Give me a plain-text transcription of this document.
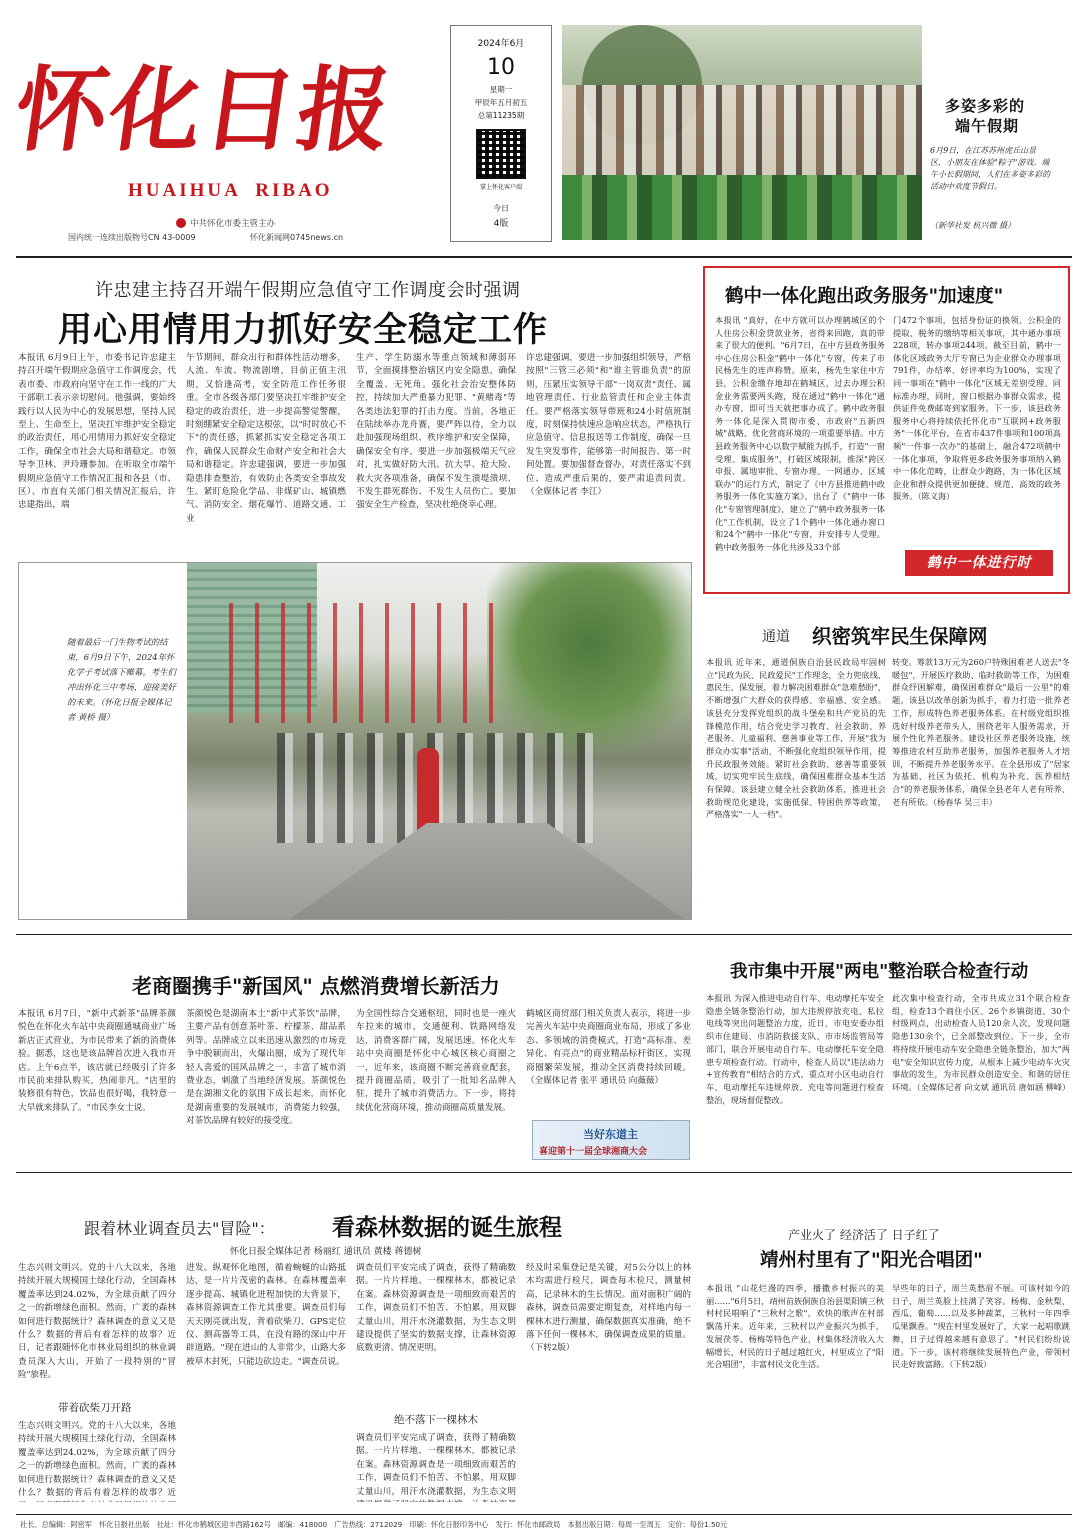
怀化日报
HUAIHUA  RIBAO
中共怀化市委主管主办
国内统一连续出版物号CN 43-0009	怀化新闻网0745news.cn
2024年6月
10
星期一
甲辰年五月初五
总第11235期
掌上怀化客户端
今日
4版
多姿多彩的
端午假期
6月9日，在江苏苏州虎丘山景区，小朋友在体验"粽子"游戏。端午小长假期间，人们在多姿多彩的活动中欢度节假日。
（新华社发 杭兴微 摄）
许忠建主持召开端午假期应急值守工作调度会时强调
用心用情用力抓好安全稳定工作
本报讯 6月9日上午，市委书记许忠建主持召开端午假期应急值守工作调度会，代表市委、市政府向坚守在工作一线的广大干部职工表示亲切慰问。他强调，要始终践行以人民为中心的发展思想，坚持人民至上、生命至上，坚决扛牢维护安全稳定的政治责任，用心用情用力抓好安全稳定工作，确保全市社会大局和谐稳定。市领导李卫林、尹玲珊参加。在听取全市端午假期应急值守工作情况汇报和各县（市、区）、市直有关部门相关情况汇报后，许忠建指出，端
午节期间，群众出行和群体性活动增多，人流、车流、物流剧增，目前正值主汛期，又恰逢高考，安全防范工作任务很重。全市各级各部门要坚决扛牢维护安全稳定的政治责任，进一步提高警觉警醒，时刻绷紧安全稳定这根弦，以"时时放心不下"的责任感，抓紧抓实安全稳定各项工作，确保人民群众生命财产安全和社会大局和谐稳定。许忠建强调，要进一步加强隐患排查整治，有效防止各类安全事故发生。紧盯危险化学品、非煤矿山、城镇燃气、消防安全、烟花爆竹、道路交通、工业
生产、学生防溺水等重点领域和薄弱环节，全面摸排整治辖区内安全隐患，确保全覆盖、无死角。强化社会治安整体防控，持续加大严重暴力犯罪、"黄赌毒"等各类违法犯罪的打击力度。当前，各地正在陆续举办龙舟赛，要严阵以待，全力以赴加强现场组织、秩序维护和安全保障，确保安全有序。要进一步加强极端天气应对，扎实做好防大汛、抗大旱、抢大险、救大灾各项准备，确保不发生溃堤溃坝、不发生群死群伤、不发生人员伤亡。要加强安全生产检查，坚决杜绝侥幸心理。
许忠建强调，要进一步加强组织领导，严格按照"三管三必须"和"谁主管谁负责"的原则，压紧压实领导干部"一岗双责"责任、属地管理责任、行业监管责任和企业主体责任。要严格落实领导带班和24小时值班制度，时刻保持快速应急响应状态，严格执行应急值守、信息报送等工作制度，确保一旦发生突发事件，能够第一时间报告、第一时间处置。要加强督查督办，对责任落实不到位、造成严重后果的，要严肃追责问责。（全媒体记者 李江）
鹤中一体化跑出政务服务"加速度"
本报讯 "真好，在中方就可以办理鹤城区的个人住房公积金贷款业务，省得来回跑，真的带来了很大的便利。"6月7日，在中方县政务服务中心住房公积金"鹤中一体化"专窗，传来了市民杨先生的连声称赞。原来，杨先生家住中方县，公积金缴存地却在鹤城区，过去办理公积金业务需要两头跑，现在通过"鹤中一体化"通办专窗，即可当天就把事办成了。鹤中政务服务一体化是深入贯彻市委、市政府"五新四城"战略、优化营商环境的一项重要举措。中方县政务服务中心以数字赋能为抓手，打造"一窗受理、集成服务"，打破区域限制，推深"跨区申报、属地审批、专窗办理、一网通办、区域联办"的运行方式，制定了《中方县推进鹤中政务服务一体化实施方案》，出台了《"鹤中一体化"专窗管理制度》，建立了"鹤中政务服务一体化"工作机制，设立了1个鹤中一体化通办窗口和24个"鹤中一体化"专窗，并安排专人受理。鹤中政务服务一体化共涉及33个部
门472个事项，包括身份证的换领、公积金的提取、税务的缴纳等相关事项，其中通办事项228项，转办事项244项。截至目前，鹤中一体化区域政务大厅专窗已为企业群众办理事项791件，办结率、好评率均为100%，实现了同一事项在"鹤中一体化"区域无差别受理、同标准办理，同时，窗口根据办事群众需求，提供证件免费邮寄到家服务。下一步，该县政务服务中心将持续依托怀化市"互联网+政务服务"一体化平台，在省市437件事项和100项高频"一件事一次办"的基础上，融合472项鹤中一体化事项，争取将更多政务服务事项纳入鹤中一体化范畴，让群众少跑路，为一体化区域企业和群众提供更加便捷、规范、高效的政务服务。（陈义海）
鹤中一体进行时
随着最后一门生物考试的结束，6月9日下午，2024年怀化学子考试落下帷幕。考生们冲出怀化三中考场，迎接美好的未来。（怀化日报全媒体记者 黄桥 摄）
通道 织密筑牢民生保障网
本报讯 近年来，通道侗族自治县民政局牢固树立"民政为民、民政爱民"工作理念，全力兜底线、惠民生、保发展，着力解决困难群众"急难愁盼"，不断增强广大群众的获得感、幸福感、安全感。该县充分发挥党组织的战斗堡垒和共产党员的先锋模范作用，结合党史学习教育、社会救助、养老服务、儿童福利、慈善事业等工作，开展"我为群众办实事"活动，不断强化党组织领导作用，提升民政服务效能。紧盯社会救助、慈善等重要领域，切实兜牢民生底线，确保困难群众基本生活有保障。该县建立健全社会救助体系，推进社会救助规范化建设，实施低保、特困供养等政策，严格落实"一人一档"。
转变。筹款13万元为260户特殊困难老人送去"冬暖包"，开展医疗救助、临时救助等工作，为困难群众纾困解难，确保困难群众"最后一公里"的难题。该县以改革创新为抓手，着力打造一批养老工作，形成特色养老服务体系。在村级党组织推选好村级养老带头人，围绕老年人服务需求，开展个性化养老服务。建设社区养老服务设施，统筹推进农村互助养老服务，加强养老服务人才培训，不断提升养老服务水平。在全县形成了"居家为基础、社区为依托、机构为补充、医养相结合"的养老服务体系，确保全县老年人老有所养、老有所依。（杨春华 吴三丰）
老商圈携手"新国风" 点燃消费增长新活力
本报讯 6月7日，"新中式新茶"品牌茶颜悦色在怀化火车站中央商圈通城商业广场新店正式营业，为市民带来了新的消费体验。据悉，这也是该品牌首次进入我市开店。上午6点半，该店就已经吸引了许多市民前来排队购买，热闹非凡。"店里的装修很有特色，饮品也很好喝，我特意一大早就来排队了。"市民李女士说。
茶颜悦色是湖南本土"新中式茶饮"品牌，主要产品有创意茶叶茶、柠檬茶、甜品系列等。品牌成立以来迅速从激烈的市场竞争中脱颖而出，火爆出圈，成为了现代年轻人喜爱的国风品牌之一，丰富了城市消费业态，刺激了当地经济发展。茶颜悦色是在湖湘文化的氛围下成长起来，而怀化是湖南重要的发展城市，消费能力较强，对茶饮品牌有较好的接受度。
为全国性综合交通枢纽，同时也是一座火车拉来的城市，交通便利、铁路网络发达，消费客群广阔，发展迅速。怀化火车站中央商圈是怀化中心城区核心商圈之一，近年来，该商圈不断完善商业配套，提升商圈品质，吸引了一批知名品牌入驻，提升了城市消费活力。下一步，将持续优化营商环境，推动商圈高质量发展。
鹤城区商贸部门相关负责人表示，将进一步完善火车站中央商圈商业布局，形成了多业态、多领域的消费模式，打造"高标准、差异化、有亮点"的商业精品标杆街区，实现商圈繁荣发展，推动全区消费持续回暖。（全媒体记者 张平 通讯员 向薇薇）
当好东道主
喜迎第十一届全球湘商大会
我市集中开展"两电"整治联合检查行动
本报讯 为深入推进电动自行车、电动摩托车安全隐患全链条整治行动，加大违规停放充电、私拉电线等突出问题整治力度，近日，市电安委办组织市住建局、市消防救援支队、市市场监管局等部门，联合开展电动自行车、电动摩托车安全隐患专项检查行动。行动中，检查人员以"违法动力+宣传教育"相结合的方式，重点对小区电动自行车、电动摩托车违规停放、充电等问题进行检查整治，现场督促整改。
此次集中检查行动，全市共成立31个联合检查组，检查13个商住小区、26个乡镇街道、30个村级网点，出动检查人员120余人次，发现问题隐患130余个，已全部整改到位。下一步，全市将持续开展电动车安全隐患全链条整治，加大"两电"安全知识宣传力度，从根本上减少电动车火灾事故的发生，为市民群众创造安全、和谐的居住环境。（全媒体记者 向文斌 通讯员 唐如涵 柳峰）
跟着林业调查员去"冒险"： 看森林数据的诞生旅程
怀化日报全媒体记者 杨丽红 通讯员 黄楼 蒋德树
生态兴则文明兴。党的十八大以来，各地持续开展大规模国土绿化行动，全国森林覆盖率达到24.02%，为全球贡献了四分之一的新增绿色面积。然而，广袤的森林如何进行数据统计？森林调查的意义又是什么？数据的背后有着怎样的故事？近日，记者跟随怀化市林业局组织的林业调查员深入大山，开始了一段特别的"冒险"旅程。
带着砍柴刀开路
生态兴则文明兴。党的十八大以来，各地持续开展大规模国土绿化行动，全国森林覆盖率达到24.02%，为全球贡献了四分之一的新增绿色面积。然而，广袤的森林如何进行数据统计？森林调查的意义又是什么？数据的背后有着怎样的故事？近
进发。纵观怀化地图，循着蜿蜒的山路抵达，是一片片茂密的森林。在森林覆盖率逐步提高、城镇化进程加快的大背景下，森林资源调查工作尤其重要。调查员们每天天刚亮就出发，背着砍柴刀、GPS定位仪、测高器等工具，在没有路的深山中开辟道路。"现在进山的人非常少，山路大多被草木封死，只能边砍边走。"调查员说。
调查员们平安完成了调查，获得了精确数据。一片片样地、一棵棵林木，都被记录在案。森林资源调查是一项细致而艰苦的工作，调查员们不怕苦、不怕累，用双脚丈量山川，用汗水浇灌数据，为生态文明建设提供了坚实的数据支撑，让森林资源底数更清、情况更明。
绝不落下一棵林木
调查员们平安完成了调查，获得了精确数据。一片片样地、一棵棵林木，都被记录在案。森林资源调查是一项细致而艰苦的工作，调查员们不怕苦、不怕累，用双脚丈量山川，用汗水浇灌数据，为生态文明
经及时采集登记是关键，对5公分以上的林木均需进行检尺，调查每木检尺，测量树高，记录林木的生长情况。面对面积广阔的森林，调查员需要定期复查，对样地内每一棵林木进行测量，确保数据真实准确，绝不落下任何一棵林木，确保调查成果的质量。（下转2版）
产业火了 经济活了 日子红了
靖州村里有了"阳光合唱团"
本报讯 "山花烂漫的四季，播撒乡村振兴的美丽……"6月5日，靖州苗族侗族自治县渠阳镇三秋村村民唱响了"三秋村之歌"，欢快的歌声在村部飘荡开来。近年来，三秋村以产业振兴为抓手，发展茯苓、杨梅等特色产业，村集体经济收入大幅增长，村民的日子越过越红火，村里成立了"阳光合唱团"，丰富村民文化生活。
早些年的日子，周兰英愁眉不展。可该村如今的日子，周兰英脸上挂满了笑容。杨梅、金秋梨、西瓜、葡萄……以及多种蔬菜，三秋村一年四季瓜果飘香。"现在村里发展好了，大家一起唱歌跳舞，日子过得越来越有意思了。"村民们纷纷说道。下一步，该村将继续发展特色产业，带领村民走好致富路。（下转2版）
社长、总编辑：阿密军　怀化日报社出版　社址：怀化市鹤城区迎丰西路162号　邮编：418000　广告热线：2712029　印刷：怀化日报印务中心　发行：怀化市邮政局　本报出版日期：每周一至周五　定价：每份1.50元
